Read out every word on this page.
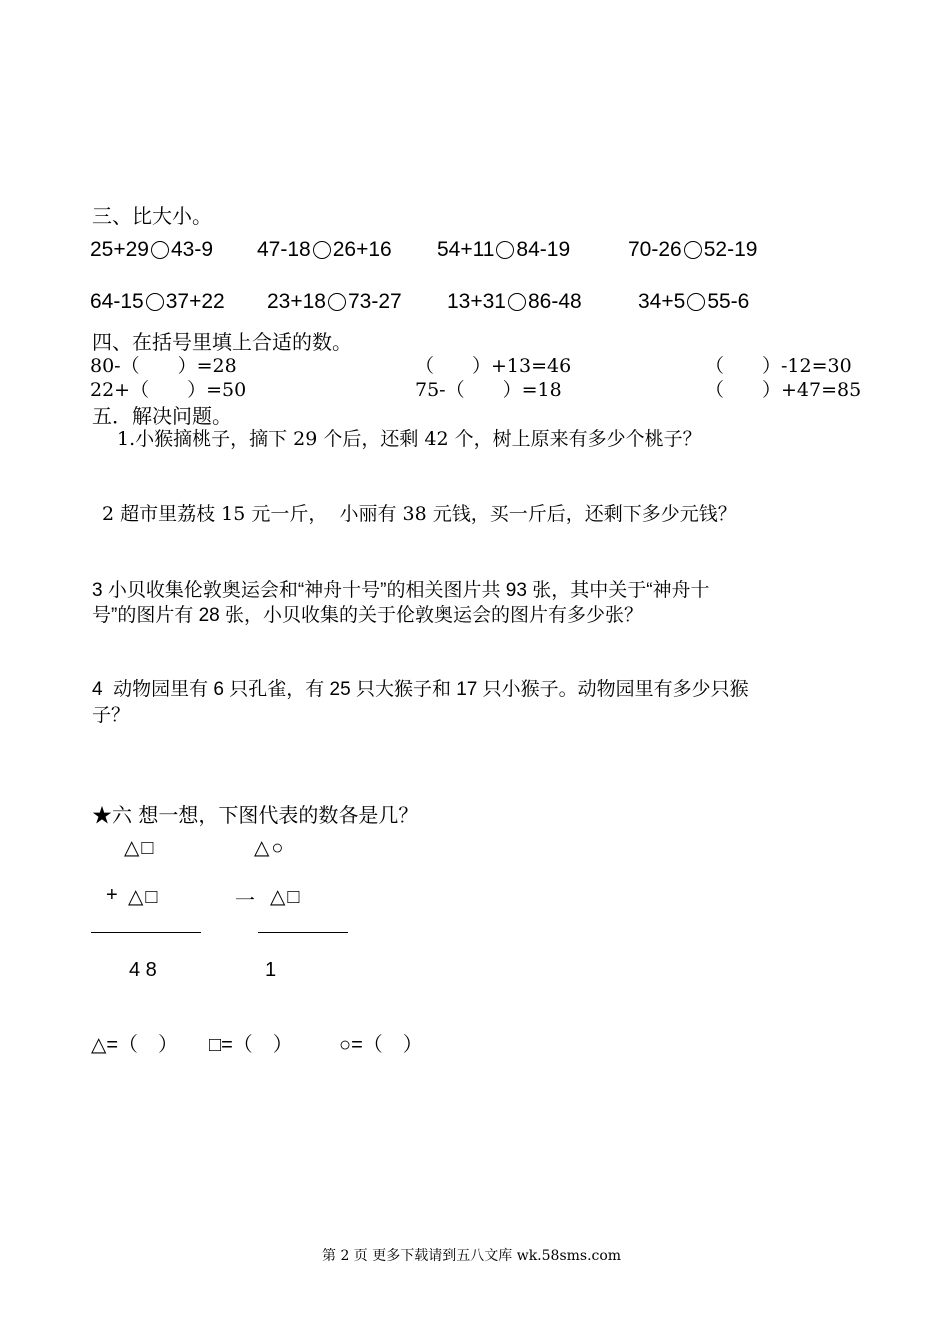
三、比大小。
25+29 43-9 47-18 26+16 54+11 84-19	70-26 52-19
64-15 37+22 23+18 73-27 13+31 86-48	34+5 55-6
四、在括号里填上合适的数。
80-（　　）=28	（　　）+13=46	（　　）-12=30
22+（　　）=50	75-（　　）=18	（　　）+47=85
五．解决问题。
1.小猴摘桃子，摘下 29 个后，还剩 42 个，树上原来有多少个桃子？
2 超市里荔枝 15 元一斤，  小丽有 38 元钱，买一斤后，还剩下多少元钱？
3 小贝收集伦敦奥运会和“神舟十号”的相关图片共 93 张，其中关于“神舟十
号”的图片有 28 张，小贝收集的关于伦敦奥运会的图片有多少张？
4  动物园里有 6 只孔雀，有 25 只大猴子和 17 只小猴子。动物园里有多少只猴
子？
★六 想一想，下图代表的数各是几？
△□
+ △□
4 8
△○
一 △□
1
△=（　） □=（　） ○=（　）
第 2 页 更多下载请到五八文库 wk.58sms.com
